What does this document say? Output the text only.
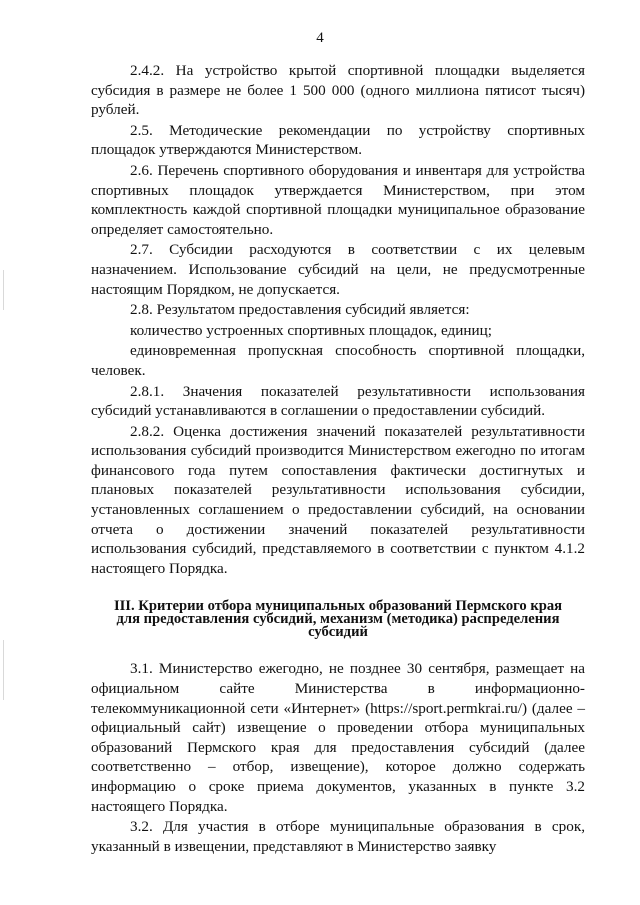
4

2.4.2. На устройство крытой спортивной площадки выделяется субсидия в размере не более 1 500 000 (одного миллиона пятисот тысяч) рублей.

2.5. Методические рекомендации по устройству спортивных площадок утверждаются Министерством.

2.6. Перечень спортивного оборудования и инвентаря для устройства спортивных площадок утверждается Министерством, при этом комплектность каждой спортивной площадки муниципальное образование определяет самостоятельно.

2.7. Субсидии расходуются в соответствии с их целевым назначением. Использование субсидий на цели, не предусмотренные настоящим Порядком, не допускается.

2.8. Результатом предоставления субсидий является:

количество устроенных спортивных площадок, единиц;

единовременная пропускная способность спортивной площадки, человек.

2.8.1. Значения показателей результативности использования субсидий устанавливаются в соглашении о предоставлении субсидий.

2.8.2. Оценка достижения значений показателей результативности использования субсидий производится Министерством ежегодно по итогам финансового года путем сопоставления фактически достигнутых и плановых показателей результативности использования субсидии, установленных соглашением о предоставлении субсидий, на основании отчета о достижении значений показателей результативности использования субсидий, представляемого в соответствии с пунктом 4.1.2 настоящего Порядка.

III. Критерии отбора муниципальных образований Пермского края
для предоставления субсидий, механизм (методика) распределения
субсидий

3.1. Министерство ежегодно, не позднее 30 сентября, размещает на официальном сайте Министерства в информационно-телекоммуникационной сети «Интернет» (https://sport.permkrai.ru/) (далее – официальный сайт) извещение о проведении отбора муниципальных образований Пермского края для предоставления субсидий (далее соответственно – отбор, извещение), которое должно содержать информацию о сроке приема документов, указанных в пункте 3.2 настоящего Порядка.

3.2. Для участия в отборе муниципальные образования в срок, указанный в извещении, представляют в Министерство заявку
